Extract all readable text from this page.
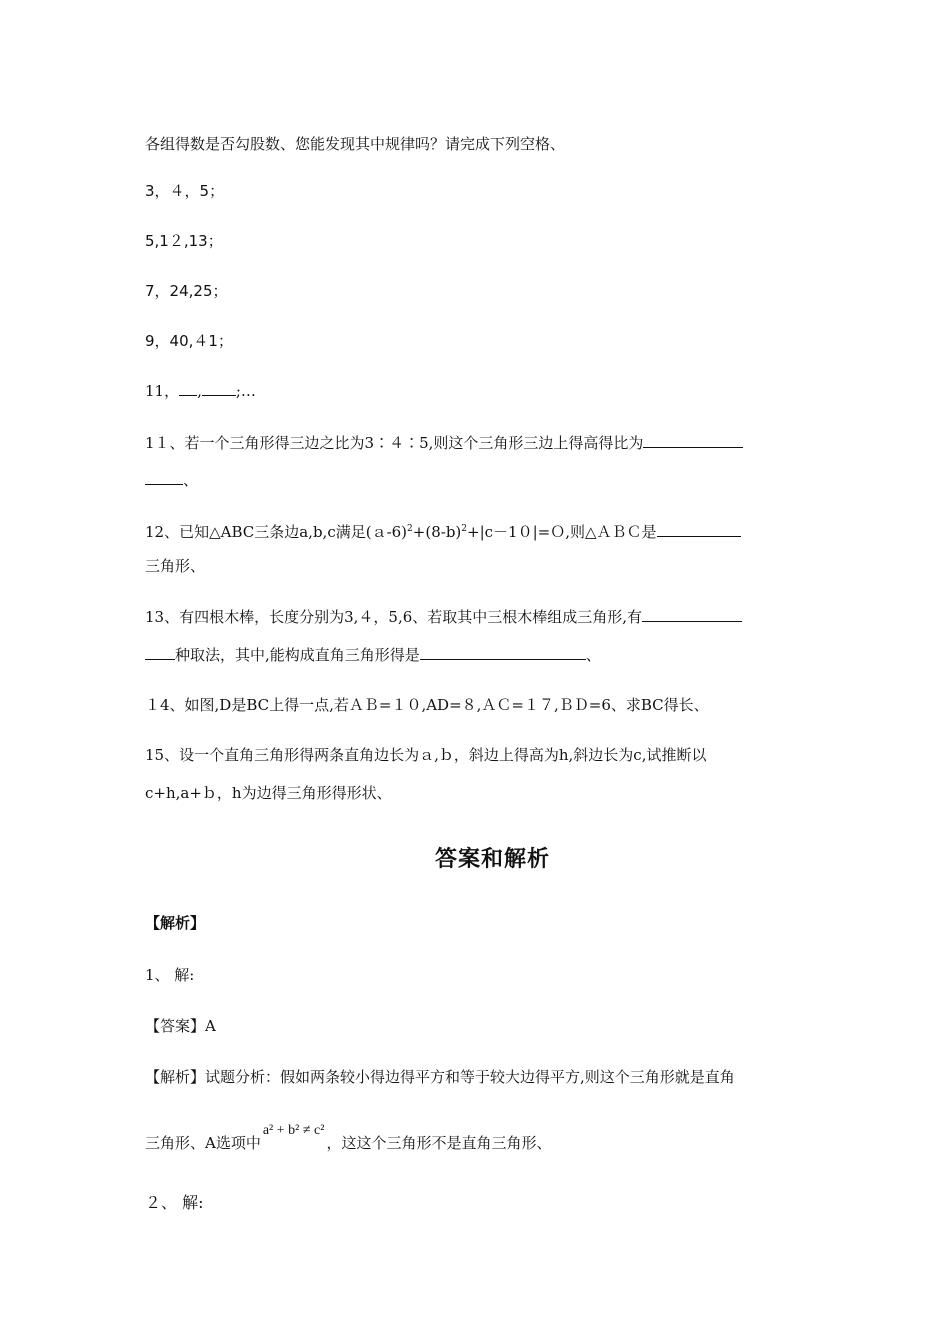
各组得数是否勾股数、您能发现其中规律吗？请完成下列空格、
3，４，5；
5,1２,13；
7，24,25；
9，40,４1；
11， , ;…
1１、若一个三角形得三边之比为3∶４∶5,则这个三角形三边上得高得比为
、
12、已知△ABC三条边a,b,c满足$(a-6)^2+(8-b)^2+|c-10|=O$,则△ＡＢＣ是
三角形、
13、有四根木棒，长度分别为3,４，5,6、若取其中三根木棒组成三角形,有
种取法，其中,能构成直角三角形得是	、
１4、如图,D是BC上得一点,若ＡＢ=１０,AD=８,ＡＣ=１７,ＢＤ=6、求BC得长、
15、设一个直角三角形得两条直角边长为ａ,ｂ，斜边上得高为h,斜边长为c,试推断以
c+h,a+ｂ，h为边得三角形得形状、
答案和解析
【解析】
1、 解:
【答案】A
【解析】试题分析：假如两条较小得边得平方和等于较大边得平方,则这个三角形就是直角
三角形、A选项中a² + b² ≠ c²，这这个三角形不是直角三角形、
２、 解:
